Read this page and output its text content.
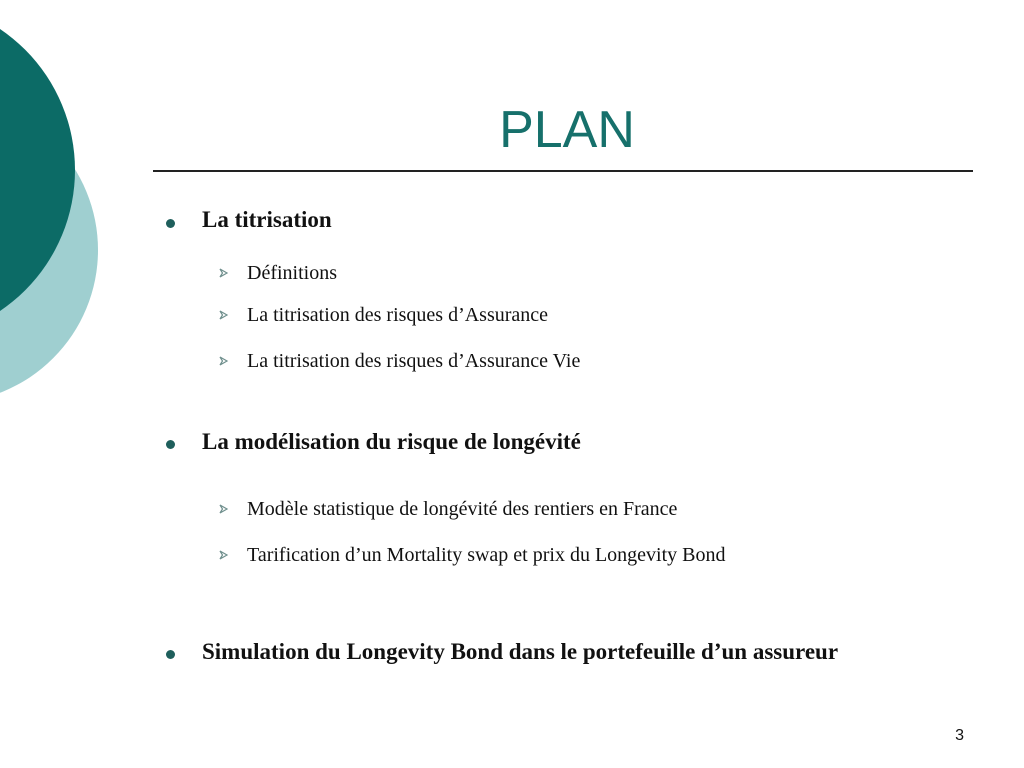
PLAN
La titrisation
Définitions
La titrisation des risques d’Assurance
La titrisation des risques d’Assurance Vie
La modélisation du risque de longévité
Modèle statistique de longévité des rentiers en France
Tarification d’un Mortality swap et prix du Longevity Bond
Simulation du Longevity Bond dans le portefeuille d’un assureur
3
